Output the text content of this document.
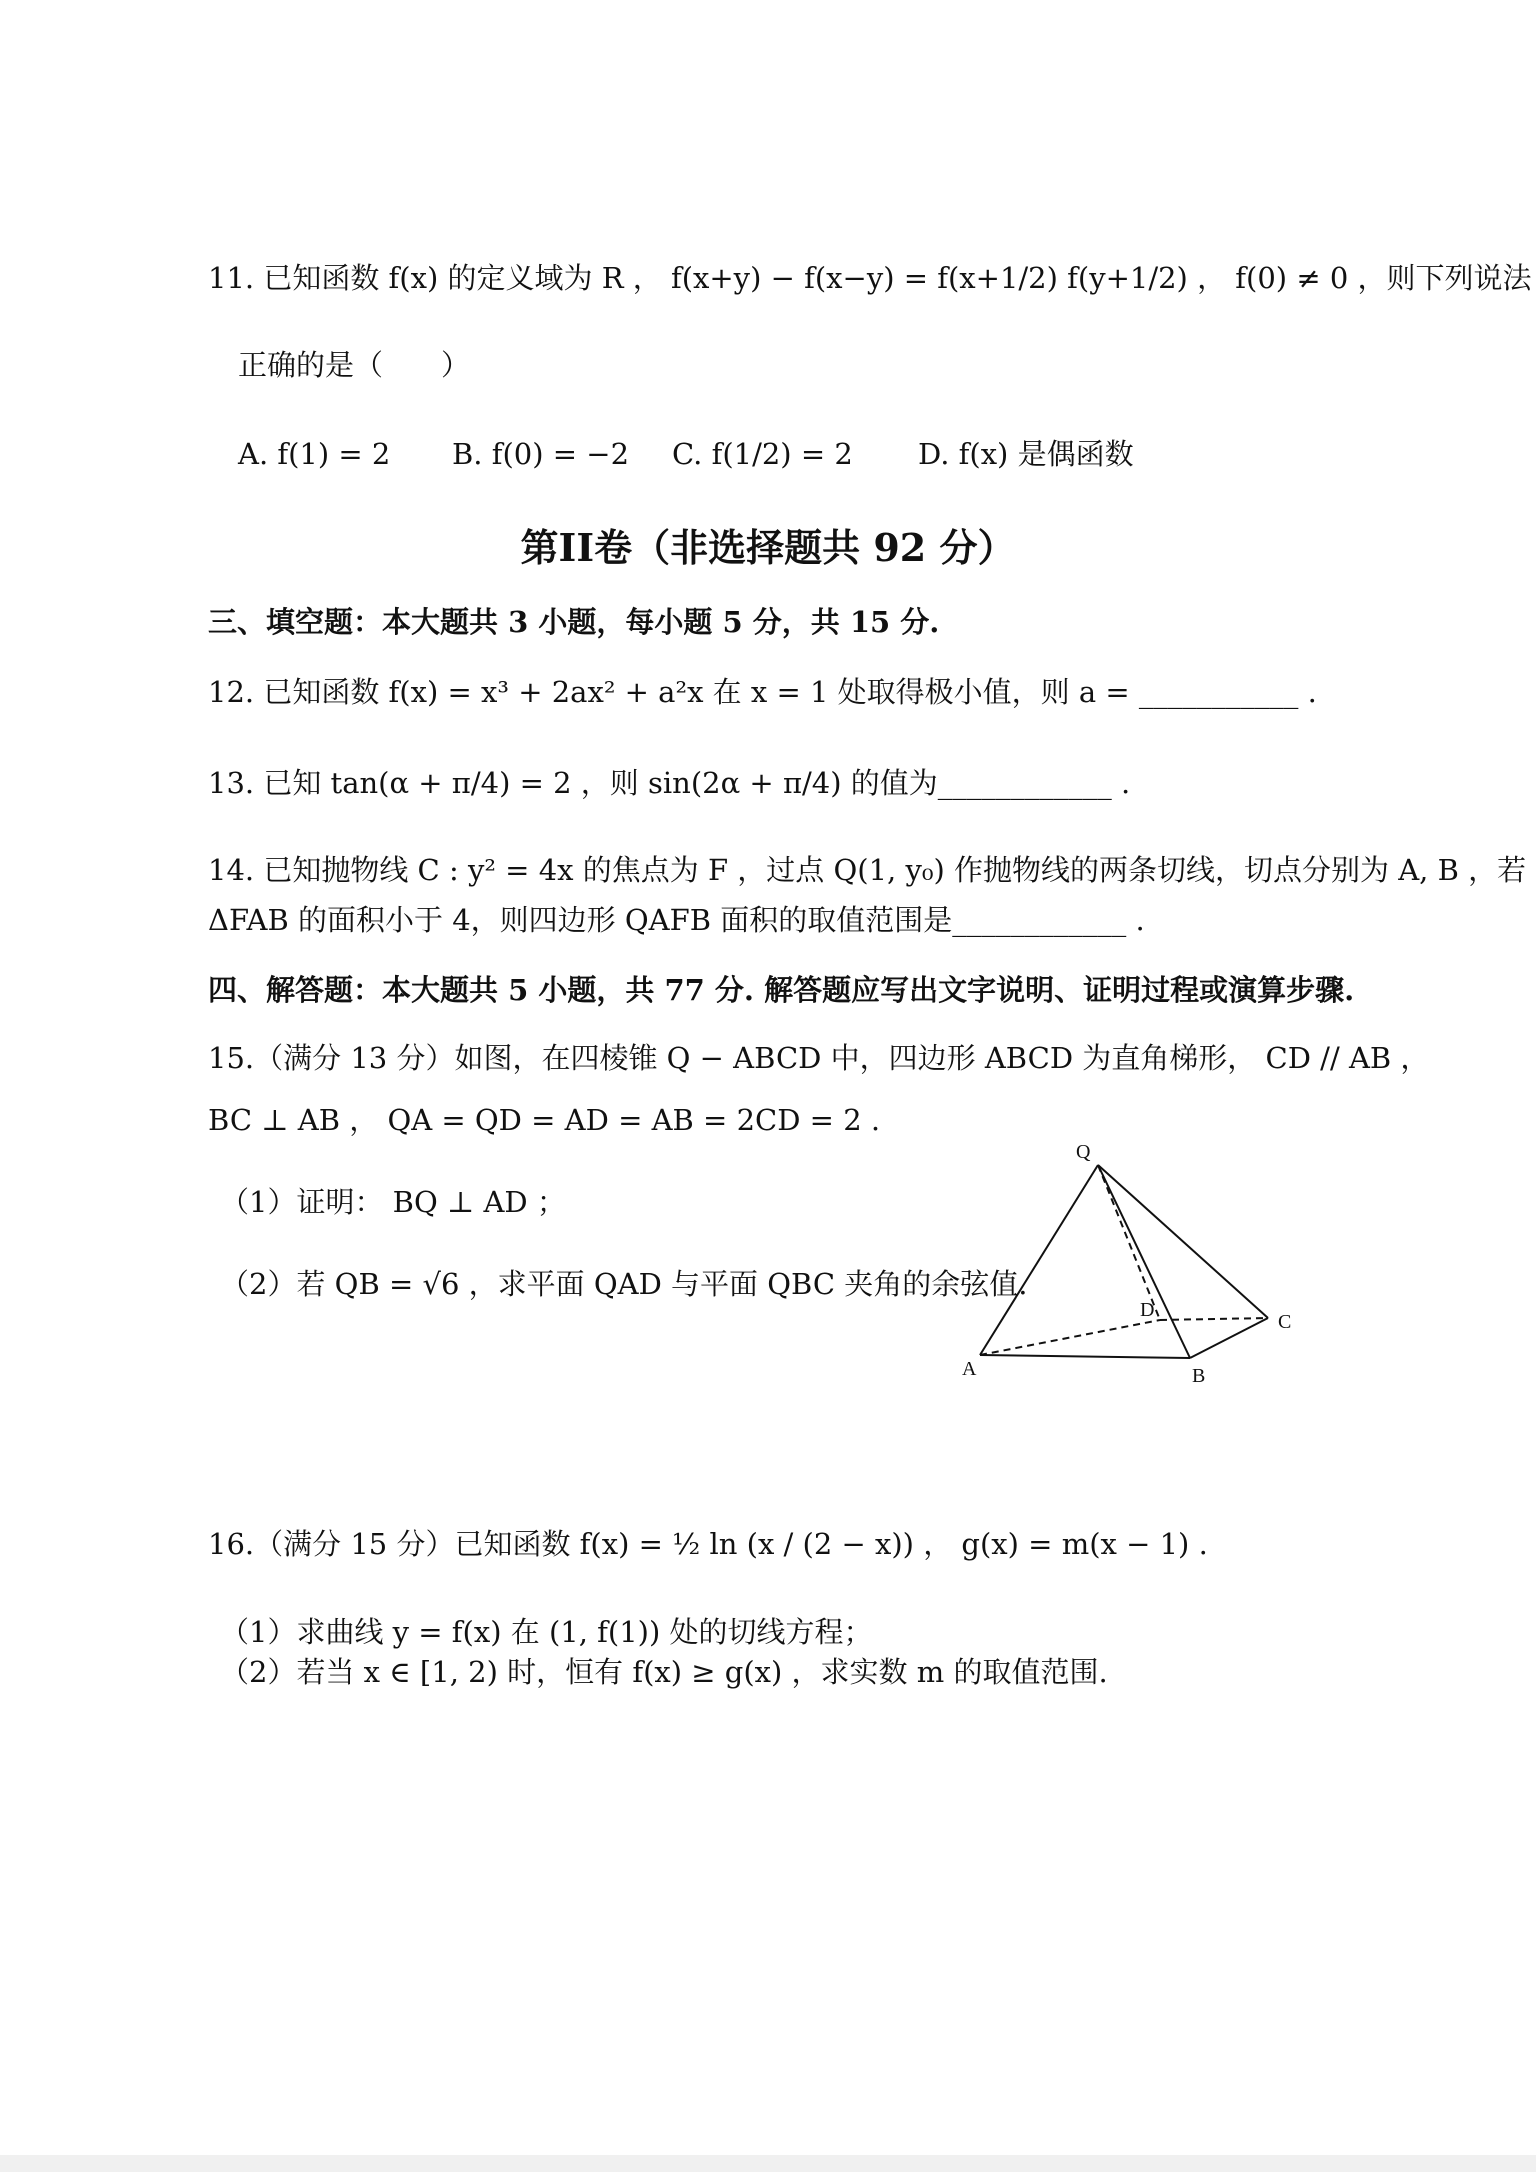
11. 已知函数 f(x) 的定义域为 R ， f(x+y) − f(x−y) = f(x+1/2) f(y+1/2) ， f(0) ≠ 0 ，则下列说法
正确的是（　　）
A. f(1) = 2 B. f(0) = −2 C. f(1/2) = 2 D. f(x) 是偶函数
第II卷（非选择题共 92 分）
三、填空题：本大题共 3 小题，每小题 5 分，共 15 分.
12. 已知函数 f(x) = x³ + 2ax² + a²x 在 x = 1 处取得极小值，则 a = ___________ .
13. 已知 tan(α + π/4) = 2 ，则 sin(2α + π/4) 的值为____________ .
14. 已知抛物线 C : y² = 4x 的焦点为 F ，过点 Q(1, y₀) 作抛物线的两条切线，切点分别为 A, B ，若
ΔFAB 的面积小于 4，则四边形 QAFB 面积的取值范围是____________ .
四、解答题：本大题共 5 小题，共 77 分. 解答题应写出文字说明、证明过程或演算步骤.
15.（满分 13 分）如图，在四棱锥 Q − ABCD 中，四边形 ABCD 为直角梯形， CD // AB ，
BC ⊥ AB ， QA = QD = AD = AB = 2CD = 2 .
（1）证明： BQ ⊥ AD ；
（2）若 QB = √6 ，求平面 QAD 与平面 QBC 夹角的余弦值.
Q
A	B
C
D
16.（满分 15 分）已知函数 f(x) = ½ ln (x / (2 − x)) ， g(x) = m(x − 1) .
（1）求曲线 y = f(x) 在 (1, f(1)) 处的切线方程；
（2）若当 x ∈ [1, 2) 时，恒有 f(x) ≥ g(x) ，求实数 m 的取值范围.
